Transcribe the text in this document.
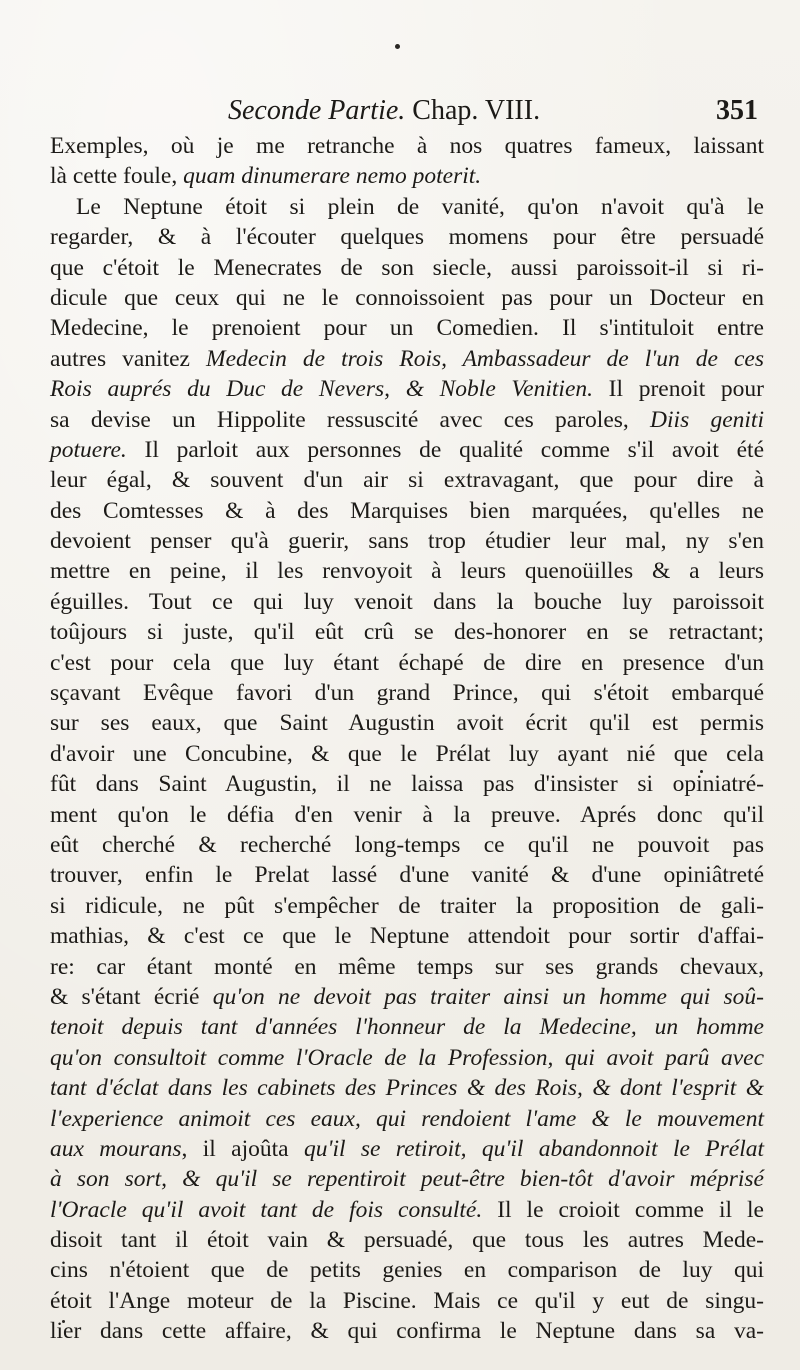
Seconde Partie. Chap. VIII.	351
Exemples, où je me retranche à nos quatres fameux, laissant
là cette foule, quam dinumerare nemo poterit.
Le Neptune étoit si plein de vanité, qu'on n'avoit qu'à le
regarder, & à l'écouter quelques momens pour être persuadé
que c'étoit le Menecrates de son siecle, aussi paroissoit-il si ri-
dicule que ceux qui ne le connoissoient pas pour un Docteur en
Medecine, le prenoient pour un Comedien. Il s'intituloit entre
autres vanitez Medecin de trois Rois, Ambassadeur de l'un de ces
Rois auprés du Duc de Nevers, & Noble Venitien. Il prenoit pour
sa devise un Hippolite ressuscité avec ces paroles, Diis geniti
potuere. Il parloit aux personnes de qualité comme s'il avoit été
leur égal, & souvent d'un air si extravagant, que pour dire à
des Comtesses & à des Marquises bien marquées, qu'elles ne
devoient penser qu'à guerir, sans trop étudier leur mal, ny s'en
mettre en peine, il les renvoyoit à leurs quenoüilles & a leurs
éguilles. Tout ce qui luy venoit dans la bouche luy paroissoit
toûjours si juste, qu'il eût crû se des-honorer en se retractant;
c'est pour cela que luy étant échapé de dire en presence d'un
sçavant Evêque favori d'un grand Prince, qui s'étoit embarqué
sur ses eaux, que Saint Augustin avoit écrit qu'il est permis
d'avoir une Concubine, & que le Prélat luy ayant nié que cela
fût dans Saint Augustin, il ne laissa pas d'insister si opiniatré-
ment qu'on le défia d'en venir à la preuve. Aprés donc qu'il
eût cherché & recherché long-temps ce qu'il ne pouvoit pas
trouver, enfin le Prelat lassé d'une vanité & d'une opiniâtreté
si ridicule, ne pût s'empêcher de traiter la proposition de gali-
mathias, & c'est ce que le Neptune attendoit pour sortir d'affai-
re: car étant monté en même temps sur ses grands chevaux,
& s'étant écrié qu'on ne devoit pas traiter ainsi un homme qui soû-
tenoit depuis tant d'années l'honneur de la Medecine, un homme
qu'on consultoit comme l'Oracle de la Profession, qui avoit parû avec
tant d'éclat dans les cabinets des Princes & des Rois, & dont l'esprit &
l'experience animoit ces eaux, qui rendoient l'ame & le mouvement
aux mourans, il ajoûta qu'il se retiroit, qu'il abandonnoit le Prélat
à son sort, & qu'il se repentiroit peut-être bien-tôt d'avoir méprisé
l'Oracle qu'il avoit tant de fois consulté. Il le croioit comme il le
disoit tant il étoit vain & persuadé, que tous les autres Mede-
cins n'étoient que de petits genies en comparison de luy qui
étoit l'Ange moteur de la Piscine. Mais ce qu'il y eut de singu-
lier dans cette affaire, & qui confirma le Neptune dans sa va-
